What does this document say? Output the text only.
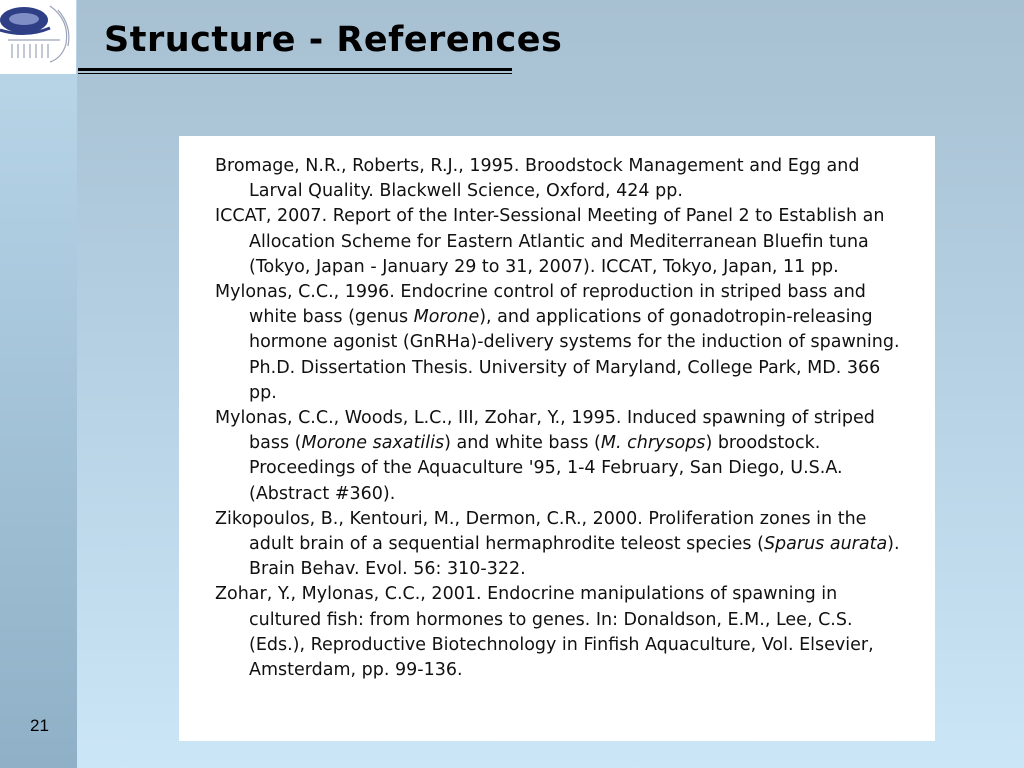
Structure - References
Bromage, N.R., Roberts, R.J., 1995. Broodstock Management and Egg and Larval Quality. Blackwell Science, Oxford, 424 pp.
ICCAT, 2007. Report of the Inter-Sessional Meeting of Panel 2 to Establish an Allocation Scheme for Eastern Atlantic and Mediterranean Bluefin tuna (Tokyo, Japan - January 29 to 31, 2007). ICCAT, Tokyo, Japan, 11 pp.
Mylonas, C.C., 1996. Endocrine control of reproduction in striped bass and white bass (genus Morone), and applications of gonadotropin-releasing hormone agonist (GnRHa)-delivery systems for the induction of spawning. Ph.D. Dissertation Thesis. University of Maryland, College Park, MD. 366 pp.
Mylonas, C.C., Woods, L.C., III, Zohar, Y., 1995. Induced spawning of striped bass (Morone saxatilis) and white bass (M. chrysops) broodstock. Proceedings of the Aquaculture '95, 1-4 February, San Diego, U.S.A. (Abstract #360).
Zikopoulos, B., Kentouri, M., Dermon, C.R., 2000. Proliferation zones in the adult brain of a sequential hermaphrodite teleost species (Sparus aurata). Brain Behav. Evol. 56: 310-322.
Zohar, Y., Mylonas, C.C., 2001. Endocrine manipulations of spawning in cultured fish: from hormones to genes. In: Donaldson, E.M., Lee, C.S. (Eds.), Reproductive Biotechnology in Finfish Aquaculture, Vol. Elsevier, Amsterdam, pp. 99-136.
21
